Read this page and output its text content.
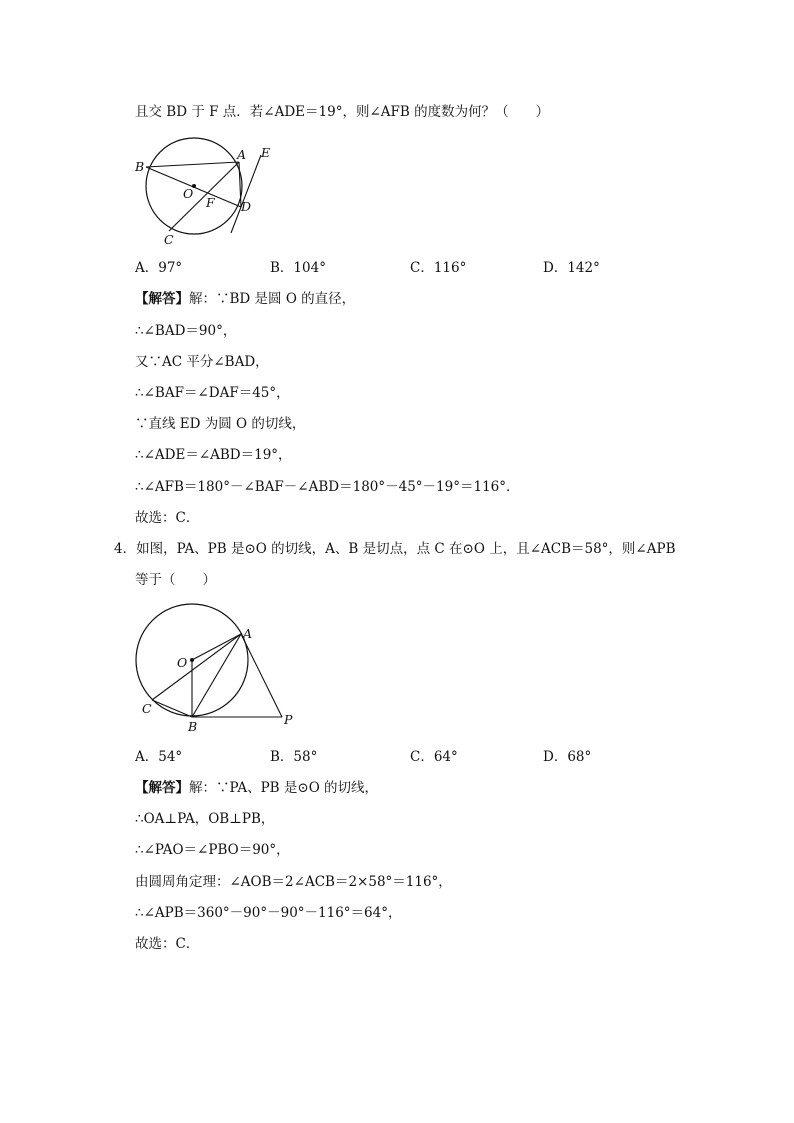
且交 BD 于 F 点．若∠ADE＝19°，则∠AFB 的度数为何？（　　）
B
A E
O
F D
C
A．97°	B．104°	C．116°	D．142°
【解答】解：∵BD 是圆 O 的直径，
∴∠BAD＝90°，
又∵AC 平分∠BAD，
∴∠BAF＝∠DAF＝45°，
∵直线 ED 为圆 O 的切线，
∴∠ADE＝∠ABD＝19°，
∴∠AFB＝180°－∠BAF－∠ABD＝180°－45°－19°＝116°．
故选：C．
4．如图，PA、PB 是⊙O 的切线，A、B 是切点，点 C 在⊙O 上，且∠ACB＝58°，则∠APB
等于（　　）
A
O
C
B	P
A．54°	B．58°	C．64°	D．68°
【解答】解：∵PA、PB 是⊙O 的切线，
∴OA⊥PA，OB⊥PB，
∴∠PAO＝∠PBO＝90°，
由圆周角定理：∠AOB＝2∠ACB＝2×58°＝116°，
∴∠APB＝360°－90°－90°－116°＝64°，
故选：C．
